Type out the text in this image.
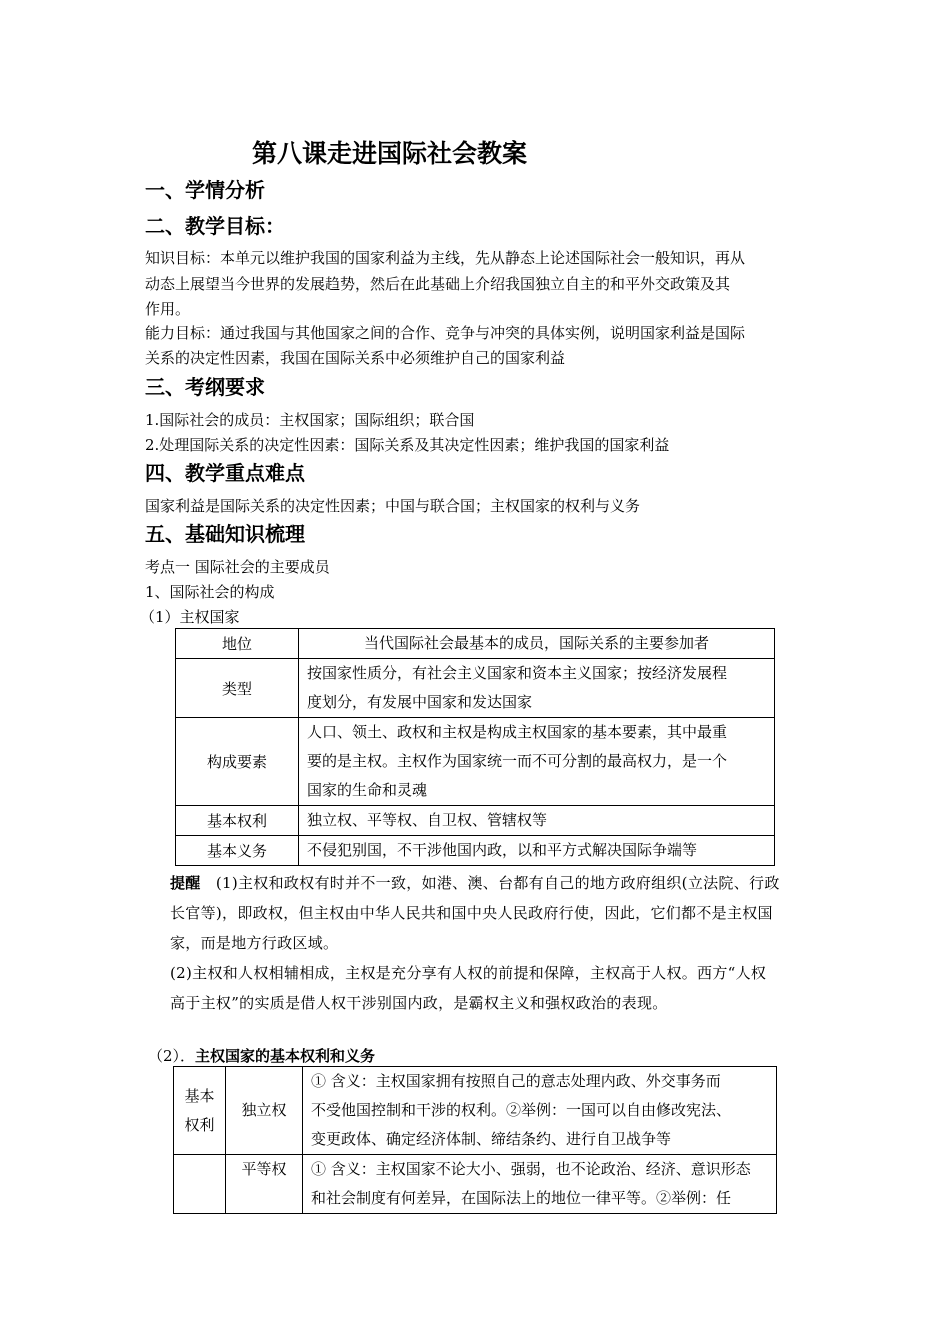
第八课走进国际社会教案
一、学情分析
二、教学目标：
知识目标：本单元以维护我国的国家利益为主线，先从静态上论述国际社会一般知识，再从
动态上展望当今世界的发展趋势，然后在此基础上介绍我国独立自主的和平外交政策及其
作用。
能力目标：通过我国与其他国家之间的合作、竞争与冲突的具体实例，说明国家利益是国际
关系的决定性因素，我国在国际关系中必须维护自己的国家利益
三、考纲要求
1.国际社会的成员：主权国家；国际组织；联合国
2.处理国际关系的决定性因素：国际关系及其决定性因素；维护我国的国家利益
四、教学重点难点
国家利益是国际关系的决定性因素；中国与联合国；主权国家的权利与义务
五、基础知识梳理
考点一 国际社会的主要成员
1、国际社会的构成
（1）主权国家
地位	当代国际社会最基本的成员，国际关系的主要参加者

类型	按国家性质分，有社会主义国家和资本主义国家；按经济发展程
度划分，有发展中国家和发达国家

构成要素	人口、领土、政权和主权是构成主权国家的基本要素，其中最重
要的是主权。主权作为国家统一而不可分割的最高权力，是一个
国家的生命和灵魂

基本权利	独立权、平等权、自卫权、管辖权等

基本义务	不侵犯别国，不干涉他国内政，以和平方式解决国际争端等
提醒 (1)主权和政权有时并不一致，如港、澳、台都有自己的地方政府组织(立法院、行政
长官等)，即政权，但主权由中华人民共和国中央人民政府行使，因此，它们都不是主权国
家，而是地方行政区域。
(2)主权和人权相辅相成，主权是充分享有人权的前提和保障，主权高于人权。西方“人权
高于主权”的实质是借人权干涉别国内政，是霸权主义和强权政治的表现。
（2）．主权国家的基本权利和义务
基本
权利	独立权	① 含义：主权国家拥有按照自己的意志处理内政、外交事务而
不受他国控制和干涉的权利。②举例：一国可以自由修改宪法、
变更政体、确定经济体制、缔结条约、进行自卫战争等

	平等权	① 含义：主权国家不论大小、强弱，也不论政治、经济、意识形态
和社会制度有何差异，在国际法上的地位一律平等。②举例：任
